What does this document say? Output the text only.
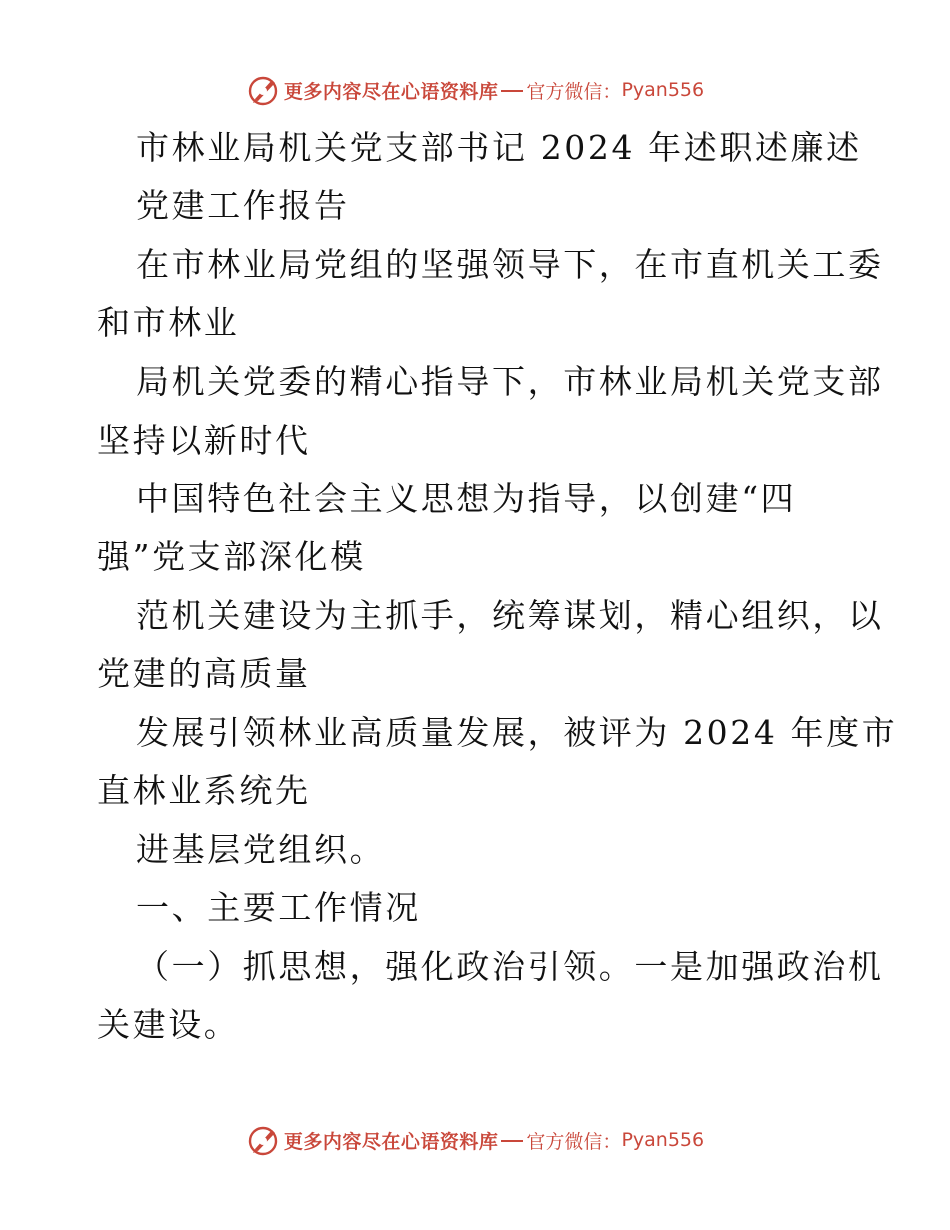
更多内容尽在心语资料库 官方微信： Pyan556

市林业局机关党支部书记 2024 年述职述廉述

党建工作报告

在市林业局党组的坚强领导下，在市直机关工委

和市林业

局机关党委的精心指导下，市林业局机关党支部

坚持以新时代

中国特色社会主义思想为指导，以创建“四

强”党支部深化模

范机关建设为主抓手，统筹谋划，精心组织，以

党建的高质量

发展引领林业高质量发展，被评为 2024 年度市

直林业系统先

进基层党组织。

一、主要工作情况

（一）抓思想，强化政治引领。一是加强政治机

关建设。

更多内容尽在心语资料库 官方微信： Pyan556
